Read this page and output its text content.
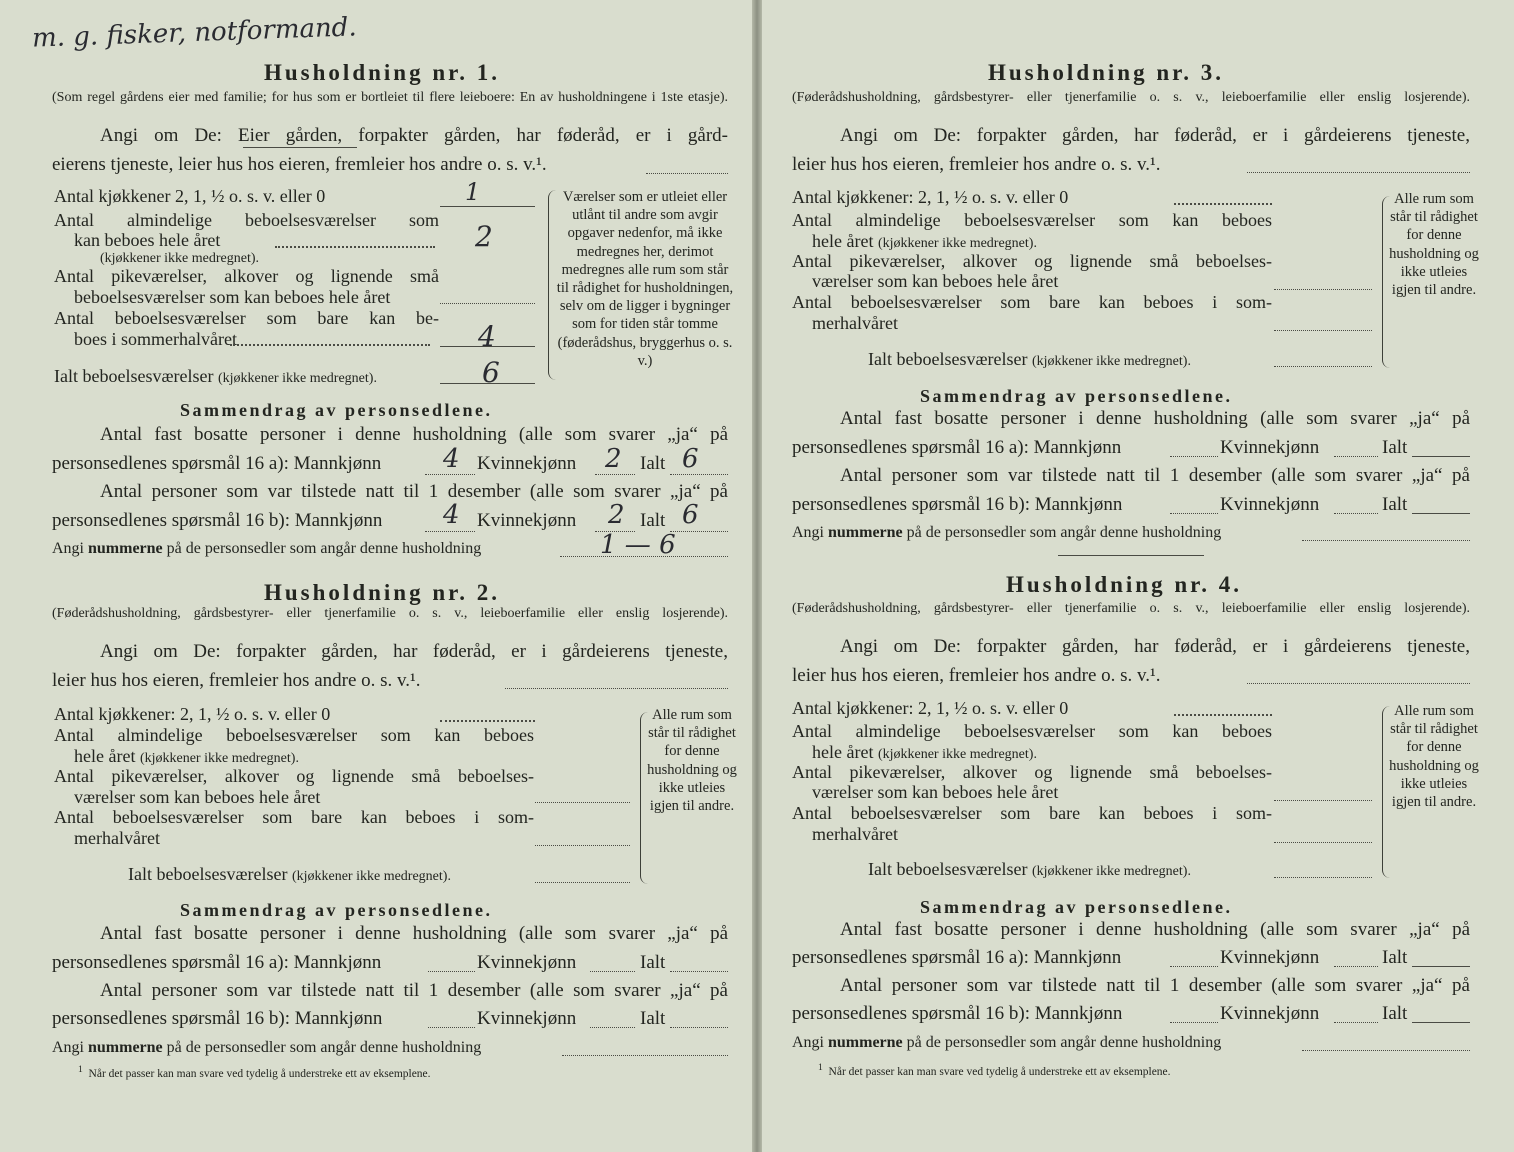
m. g. fisker, notformand.
Husholdning nr. 1.
(Som regel gårdens eier med familie; for hus som er bortleiet til flere leieboere: En av husholdningene i 1ste etasje).
Angi om De: Eier gården, forpakter gården, har føderåd, er i gård-
eierens tjeneste, leier hus hos eieren, fremleier hos andre o. s. v.¹.
Antal kjøkkener 2, 1, ½ o. s. v. eller 0	1
Antal almindelige beboelsesværelser som
kan beboes hele året
(kjøkkener ikke medregnet).
2
Antal pikeværelser, alkover og lignende små
beboelsesværelser som kan beboes hele året
Antal beboelsesværelser som bare kan be-
boes i sommerhalvåret	4
Ialt beboelsesværelser (kjøkkener ikke medregnet).	6
Værelser som er utleiet eller utlånt til andre som avgir opgaver nedenfor, må ikke medregnes her, derimot medregnes alle rum som står til rådighet for husholdningen, selv om de ligger i bygninger som for tiden står tomme (føderådshus, bryggerhus o. s. v.)
Sammendrag av personsedlene.
Antal fast bosatte personer i denne husholdning (alle som svarer „ja“ på
personsedlenes spørsmål 16 a): Mannkjønn 4 Kvinnekjønn 2 Ialt 6
Antal personer som var tilstede natt til 1 desember (alle som svarer „ja“ på
personsedlenes spørsmål 16 b): Mannkjønn 4 Kvinnekjønn 2 Ialt 6
Angi nummerne på de personsedler som angår denne husholdning	1 — 6
Husholdning nr. 2.
(Føderådshusholdning, gårdsbestyrer- eller tjenerfamilie o. s. v., leieboerfamilie eller enslig losjerende).
Angi om De: forpakter gården, har føderåd, er i gårdeierens tjeneste,
leier hus hos eieren, fremleier hos andre o. s. v.¹.
Antal kjøkkener: 2, 1, ½ o. s. v. eller 0
Antal almindelige beboelsesværelser som kan beboes
hele året (kjøkkener ikke medregnet).
Antal pikeværelser, alkover og lignende små beboelses-
værelser som kan beboes hele året
Antal beboelsesværelser som bare kan beboes i som-
merhalvåret
Ialt beboelsesværelser (kjøkkener ikke medregnet).
Alle rum som står til rådighet for denne husholdning og ikke utleies igjen til andre.
Sammendrag av personsedlene.
Antal fast bosatte personer i denne husholdning (alle som svarer „ja“ på
personsedlenes spørsmål 16 a): Mannkjønn	Kvinnekjønn	Ialt
Antal personer som var tilstede natt til 1 desember (alle som svarer „ja“ på
personsedlenes spørsmål 16 b): Mannkjønn	Kvinnekjønn	Ialt
Angi nummerne på de personsedler som angår denne husholdning
$^1$ Når det passer kan man svare ved tydelig å understreke ett av eksemplene.
Husholdning nr. 3.
(Føderådshusholdning, gårdsbestyrer- eller tjenerfamilie o. s. v., leieboerfamilie eller enslig losjerende).
Angi om De: forpakter gården, har føderåd, er i gårdeierens tjeneste,
leier hus hos eieren, fremleier hos andre o. s. v.¹.
Antal kjøkkener: 2, 1, ½ o. s. v. eller 0
Antal almindelige beboelsesværelser som kan beboes
hele året (kjøkkener ikke medregnet).
Antal pikeværelser, alkover og lignende små beboelses-
værelser som kan beboes hele året
Antal beboelsesværelser som bare kan beboes i som-
merhalvåret
Ialt beboelsesværelser (kjøkkener ikke medregnet).
Alle rum som står til rådighet for denne husholdning og ikke utleies igjen til andre.
Sammendrag av personsedlene.
Antal fast bosatte personer i denne husholdning (alle som svarer „ja“ på
personsedlenes spørsmål 16 a): Mannkjønn	Kvinnekjønn	Ialt
Antal personer som var tilstede natt til 1 desember (alle som svarer „ja“ på
personsedlenes spørsmål 16 b): Mannkjønn	Kvinnekjønn	Ialt
Angi nummerne på de personsedler som angår denne husholdning
Husholdning nr. 4.
(Føderådshusholdning, gårdsbestyrer- eller tjenerfamilie o. s. v., leieboerfamilie eller enslig losjerende).
Angi om De: forpakter gården, har føderåd, er i gårdeierens tjeneste,
leier hus hos eieren, fremleier hos andre o. s. v.¹.
Antal kjøkkener: 2, 1, ½ o. s. v. eller 0
Antal almindelige beboelsesværelser som kan beboes
hele året (kjøkkener ikke medregnet).
Antal pikeværelser, alkover og lignende små beboelses-
værelser som kan beboes hele året
Antal beboelsesværelser som bare kan beboes i som-
merhalvåret
Ialt beboelsesværelser (kjøkkener ikke medregnet).
Alle rum som står til rådighet for denne husholdning og ikke utleies igjen til andre.
Sammendrag av personsedlene.
Antal fast bosatte personer i denne husholdning (alle som svarer „ja“ på
personsedlenes spørsmål 16 a): Mannkjønn	Kvinnekjønn	Ialt
Antal personer som var tilstede natt til 1 desember (alle som svarer „ja“ på
personsedlenes spørsmål 16 b): Mannkjønn	Kvinnekjønn	Ialt
Angi nummerne på de personsedler som angår denne husholdning
$^1$ Når det passer kan man svare ved tydelig å understreke ett av eksemplene.
